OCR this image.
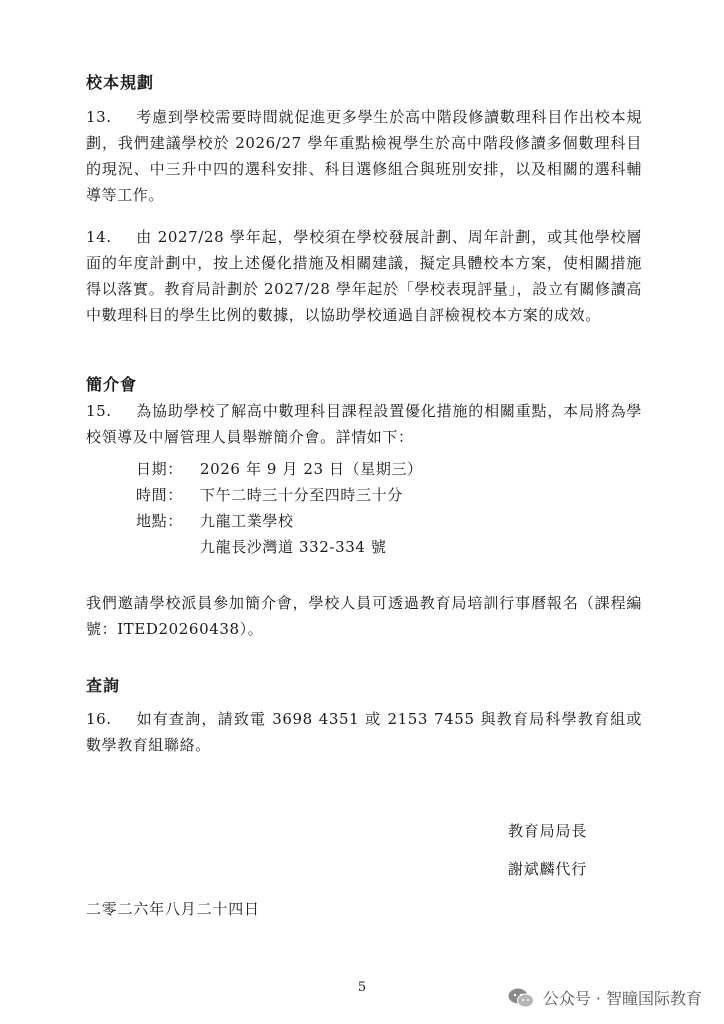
校本規劃
13. 考慮到學校需要時間就促進更多學生於高中階段修讀數理科目作出校本規劃，我們建議學校於 2026/27 學年重點檢視學生於高中階段修讀多個數理科目的現況、中三升中四的選科安排、科目選修組合與班別安排，以及相關的選科輔導等工作。
14. 由 2027/28 學年起，學校須在學校發展計劃、周年計劃，或其他學校層面的年度計劃中，按上述優化措施及相關建議，擬定具體校本方案，使相關措施得以落實。教育局計劃於 2027/28 學年起於「學校表現評量」，設立有關修讀高中數理科目的學生比例的數據，以協助學校通過自評檢視校本方案的成效。
簡介會
15. 為協助學校了解高中數理科目課程設置優化措施的相關重點，本局將為學校領導及中層管理人員舉辦簡介會。詳情如下：
日期：	2026 年 9 月 23 日（星期三）
時間：	下午二時三十分至四時三十分
地點：	九龍工業學校
九龍長沙灣道 332-334 號
我們邀請學校派員參加簡介會，學校人員可透過教育局培訓行事曆報名（課程編號：ITED20260438）。
查詢
16. 如有查詢，請致電 3698 4351 或 2153 7455 與教育局科學教育組或數學教育組聯絡。
教育局局長
謝斌麟代行
二零二六年八月二十四日
5
公众号 · 智瞳国际教育
